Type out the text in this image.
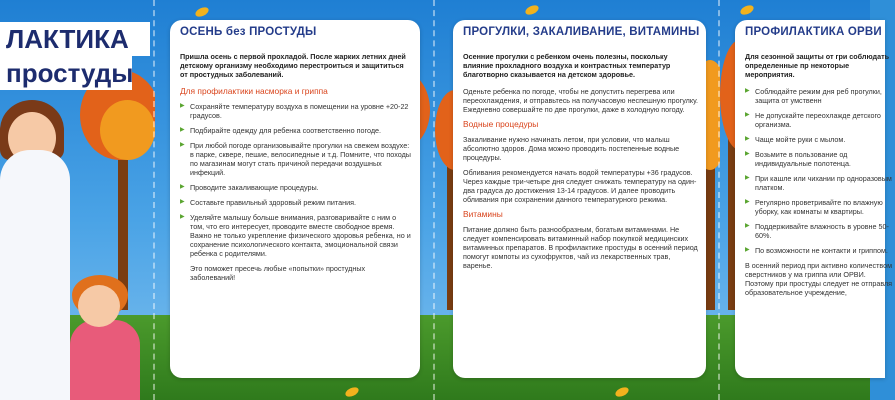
ЛАКТИКА
простуды
ОСЕНЬ без ПРОСТУДЫ
Пришла осень с первой прохладой. После жарких летних дней детскому организму необходимо перестроиться и защититься от простудных заболеваний.
Для профилактики насморка и гриппа
▶ Сохраняйте температуру воздуха в помещении на уровне +20-22 градусов.
▶ Подбирайте одежду для ребенка соответственно погоде.
▶ При любой погоде организовывайте прогулки на свежем воздухе: в парке, сквере, пешие, велосипедные и т.д. Помните, что походы по магазинам могут стать причиной передачи воздушных инфекций.
▶ Проводите закаливающие процедуры.
▶ Составьте правильный здоровый режим питания.
▶ Уделяйте малышу больше внимания, разговаривайте с ним о том, что его интересует, проводите вместе свободное время. Важно не только укрепление физического здоровья ребенка, но и сохранение психологического контакта, эмоциональной связи ребенка с родителями.
Это поможет пресечь любые «попытки» простудных заболеваний!
ПРОГУЛКИ, ЗАКАЛИВАНИЕ, ВИТАМИНЫ
Осенние прогулки с ребенком очень полезны, поскольку влияние прохладного воздуха и контрастных температур благотворно сказывается на детском здоровье.
Оденьте ребенка по погоде, чтобы не допустить перегрева или переохлаждения, и отправьтесь на получасовую неспешную прогулку. Ежедневно совершайте по две прогулки, даже в холодную погоду.
Водные процедуры
Закаливание нужно начинать летом, при условии, что малыш абсолютно здоров. Дома можно проводить постепенные водные процедуры.
Обливания рекомендуется начать водой температуры +36 градусов. Через каждые три-четыре дня следует снижать температуру на один-два градуса до достижения 13-14 градусов. И далее проводить обливания при сохранении данного температурного режима.
Витамины
Питание должно быть разнообразным, богатым витаминами. Не следует компенсировать витаминный набор покупкой медицинских витаминных препаратов. В профилактике простуды в осенний период помогут компоты из сухофруктов, чай из лекарственных трав, варенье.
ПРОФИЛАКТИКА ОРВИ
Для сезонной защиты от гри соблюдать определенные пр некоторые мероприятия.
▶ Соблюдайте режим дня реб прогулки, защита от умственн
▶ Не допускайте переохлажде детского организма.
▶ Чаще мойте руки с мылом.
▶ Возьмите в пользование од индивидуальные полотенца.
▶ При кашле или чихании пр одноразовым платком.
▶ Регулярно проветривайте по влажную уборку, как комнаты м квартиры.
▶ Поддерживайте влажность в уровне 50-60%.
▶ По возможности не контакти и гриппом.
В осенний период при активно количеством сверстников у ма гриппа или ОРВИ. Поэтому при простуды следует не отправля образовательное учреждение,
